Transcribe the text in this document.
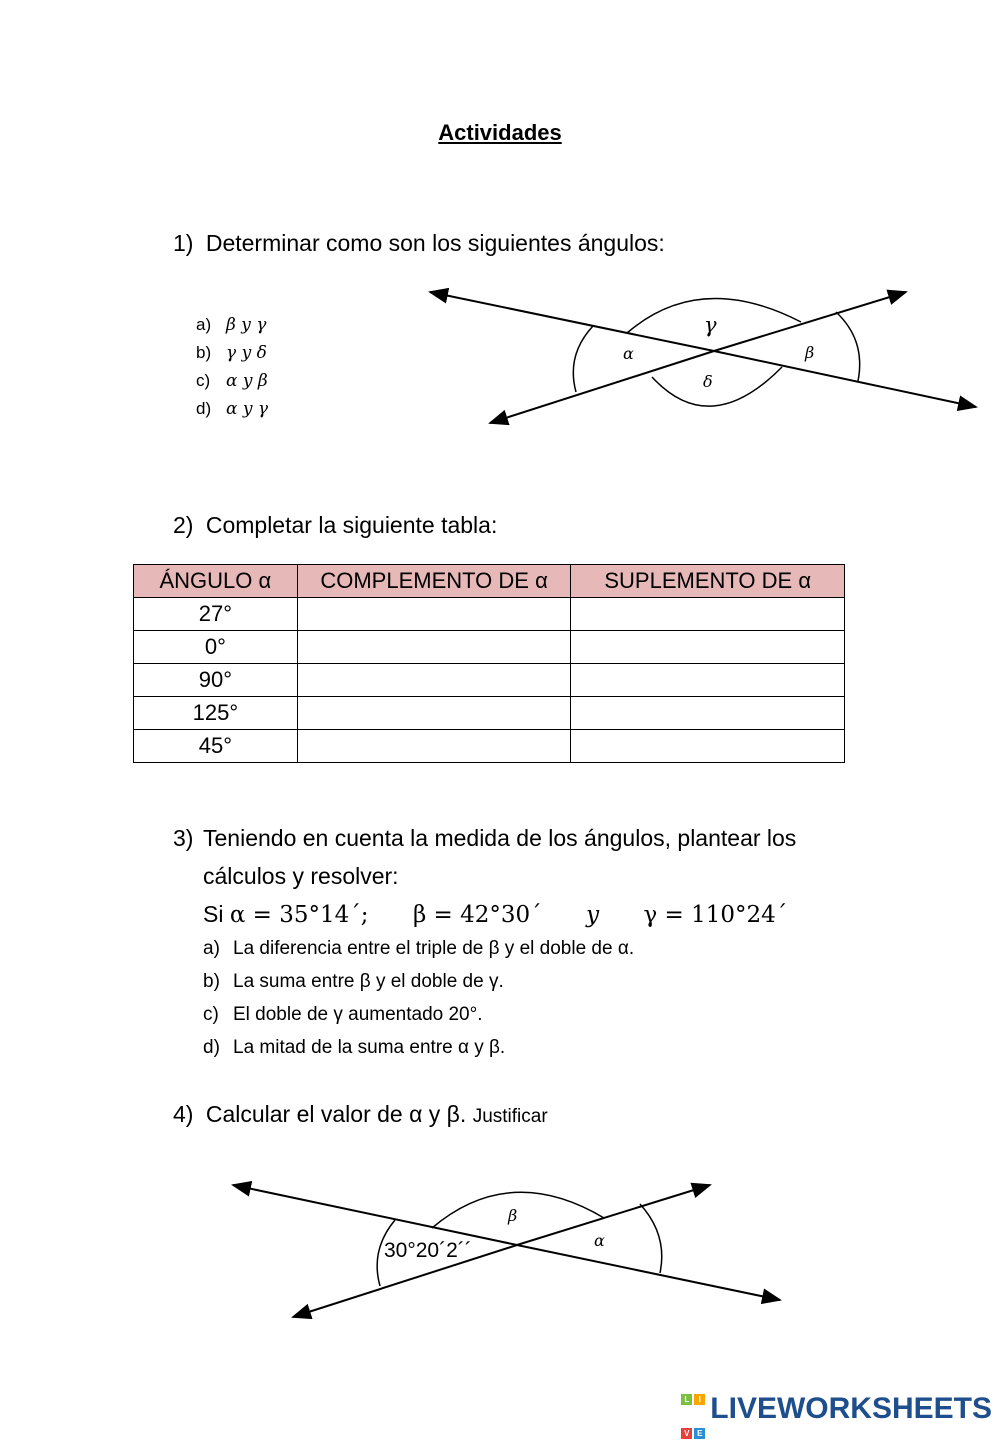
Actividades
1) Determinar como son los siguientes ángulos:
a) β y γ
b) γ y δ
c) α y β
d) α y γ
γ
α	β
δ
β
α
30°20´2´´
2) Completar la siguiente tabla:
ÁNGULO α	COMPLEMENTO DE α	SUPLEMENTO DE α
27°		
0°		
90°		
125°		
45°		
3) Teniendo en cuenta la medida de los ángulos, plantear los
cálculos y resolver:
Si α = 35°14´; β = 42°30´ y γ = 110°24´
a) La diferencia entre el triple de β y el doble de α.
b) La suma entre β y el doble de γ.
c) El doble de γ aumentado 20°.
d) La mitad de la suma entre α y β.
4) Calcular el valor de α y β. Justificar
L I
V ELIVEWORKSHEETS
